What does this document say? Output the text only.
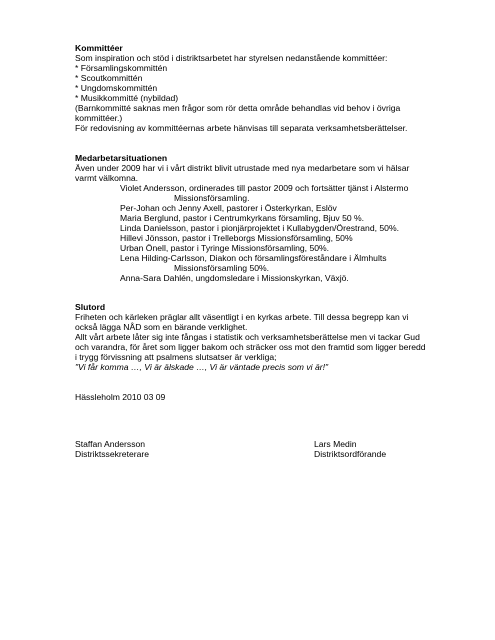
Kommittéer
Som inspiration och stöd i distriktsarbetet har styrelsen nedanstående kommittéer:
* Församlingskommittén
* Scoutkommittén
* Ungdomskommittén
* Musikkommitté (nybildad)
(Barnkommitté saknas men frågor som rör detta område behandlas vid behov i övriga
kommittéer.)
För redovisning av kommittéernas arbete hänvisas till separata verksamhetsberättelser.
Medarbetarsituationen
Även under 2009 har vi i vårt distrikt blivit utrustade med nya medarbetare som vi hälsar
varmt välkomna.
Violet Andersson, ordinerades till pastor 2009 och fortsätter tjänst i Alstermo
Missionsförsamling.
Per-Johan och Jenny Axell, pastorer i Österkyrkan, Eslöv
Maria Berglund, pastor i Centrumkyrkans församling, Bjuv 50 %.
Linda Danielsson, pastor i pionjärprojektet i Kullabygden/Örestrand, 50%.
Hillevi Jönsson, pastor i Trelleborgs Missionsförsamling, 50%
Urban Önell, pastor i Tyringe Missionsförsamling, 50%.
Lena Hilding-Carlsson, Diakon och församlingsföreståndare i Älmhults
Missionsförsamling 50%.
Anna-Sara Dahlén, ungdomsledare i Missionskyrkan, Växjö.
Slutord
Friheten och kärleken präglar allt väsentligt i en kyrkas arbete. Till dessa begrepp kan vi
också lägga NÅD som en bärande verklighet.
Allt vårt arbete låter sig inte fångas i statistik och verksamhetsberättelse men vi tackar Gud
och varandra, för året som ligger bakom och sträcker oss mot den framtid som ligger beredd
i trygg förvissning att psalmens slutsatser är verkliga;
"Vi får komma …, Vi är älskade …, Vi är väntade precis som vi är!"
Hässleholm 2010 03 09
Staffan Andersson
Distriktssekreterare
Lars Medin
Distriktsordförande
